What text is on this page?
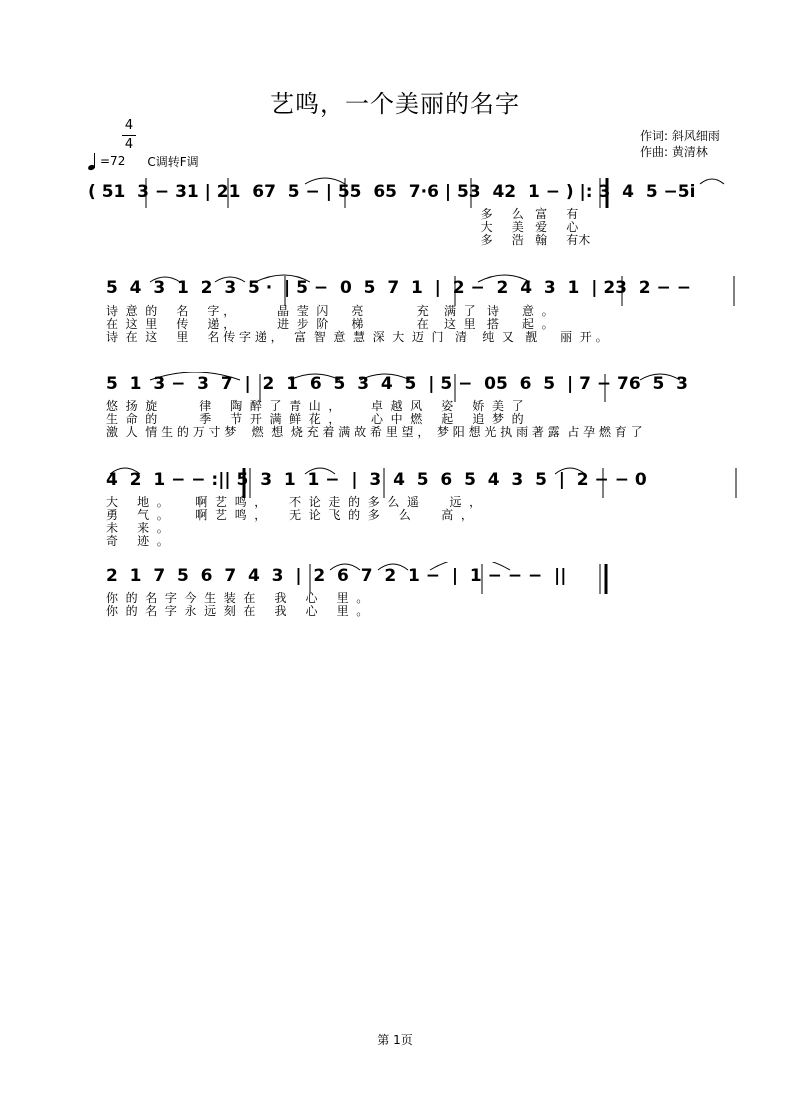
艺鸣，一个美丽的名字
作词: 斜风细雨
作曲: 黄清林
4
4
=72 C调转F调
( 51  3 − 31 | 21  67  5 − | 55  65  7·6 | 53  42  1 − ) |: 3  4  5 −5i
多     么   富     有
大     美   爱     心
多     浩   翰     有木
5  4  3  1  2  3  5 ·  | 5 −  0  5  7  1  |  2 −  2  4  3  1  | 23  2 − −
诗  意  的     名     字 ，           晶  莹  闪      亮              充    满  了   诗      意  。
在  这  里     传     递 ，           进  步  阶      梯              在    这  里   搭      起  。
诗  在  这     里     名 传 字 递 ，   富  智  意  慧  深  大  迈  门   清    纯  又   靓      丽  开 。
5  1  3 −  3  7  |  2  1  6  5  3  4  5  | 5 −  05  6  5  | 7 − 76  5  3
悠  扬  旋           律     陶  醉  了  青  山  ，        卓  越  风     姿     娇  美  了
生  命  的           季     节  开  满  鲜  花  ，        心  中  燃     起     追  梦  的
激  人  情 生 的 万 寸 梦    燃  想  烧 充 着 满 故 希 里 望 ，  梦 阳 想 光 执 雨 著 露  占 孕 燃 育 了
4  2  1 − − :|| 5  3  1  1 −  |  3  4  5  6  5  4  3  5  |  2 − − 0
大     地  。       啊  艺  鸣  ，      不  论  走  的  多  么  遥        远  ，
勇     气  。       啊  艺  鸣  ，      无  论  飞  的  多     么        高  ，
未     来  。
奇     迹  。
2  1  7  5  6  7  4  3  |  2  6  7  2  1 −  |  1 − − −  ||
你  的  名  字  今  生  装  在     我     心     里  。
你  的  名  字  永  远  刻  在     我     心     里  。
第 1页
